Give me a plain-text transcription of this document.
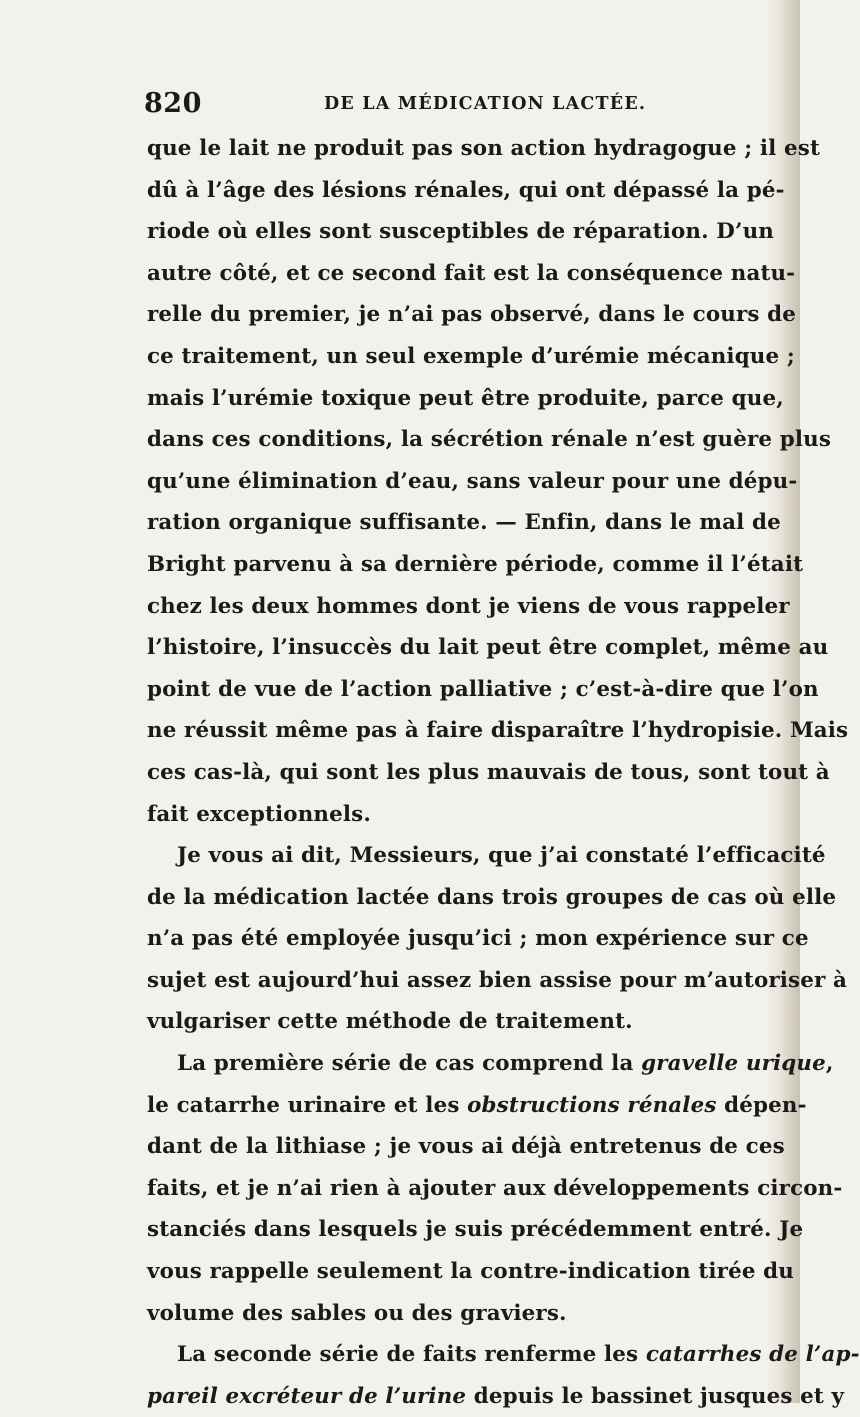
820	DE LA MÉDICATION LACTÉE.
que le lait ne produit pas son action hydragogue ; il est
dû à l’âge des lésions rénales, qui ont dépassé la pé-
riode où elles sont susceptibles de réparation. D’un
autre côté, et ce second fait est la conséquence natu-
relle du premier, je n’ai pas observé, dans le cours de
ce traitement, un seul exemple d’urémie mécanique ;
mais l’urémie toxique peut être produite, parce que,
dans ces conditions, la sécrétion rénale n’est guère plus
qu’une élimination d’eau, sans valeur pour une dépu-
ration organique suffisante. — Enfin, dans le mal de
Bright parvenu à sa dernière période, comme il l’était
chez les deux hommes dont je viens de vous rappeler
l’histoire, l’insuccès du lait peut être complet, même au
point de vue de l’action palliative ; c’est-à-dire que l’on
ne réussit même pas à faire disparaître l’hydropisie. Mais
ces cas-là, qui sont les plus mauvais de tous, sont tout à
fait exceptionnels.
Je vous ai dit, Messieurs, que j’ai constaté l’efficacité
de la médication lactée dans trois groupes de cas où elle
n’a pas été employée jusqu’ici ; mon expérience sur ce
sujet est aujourd’hui assez bien assise pour m’autoriser à
vulgariser cette méthode de traitement.
La première série de cas comprend la gravelle urique,
le catarrhe urinaire et les obstructions rénales dépen-
dant de la lithiase ; je vous ai déjà entretenus de ces
faits, et je n’ai rien à ajouter aux développements circon-
stanciés dans lesquels je suis précédemment entré. Je
vous rappelle seulement la contre-indication tirée du
volume des sables ou des graviers.
La seconde série de faits renferme les catarrhes de l’ap-
pareil excréteur de l’urine depuis le bassinet jusques et y
